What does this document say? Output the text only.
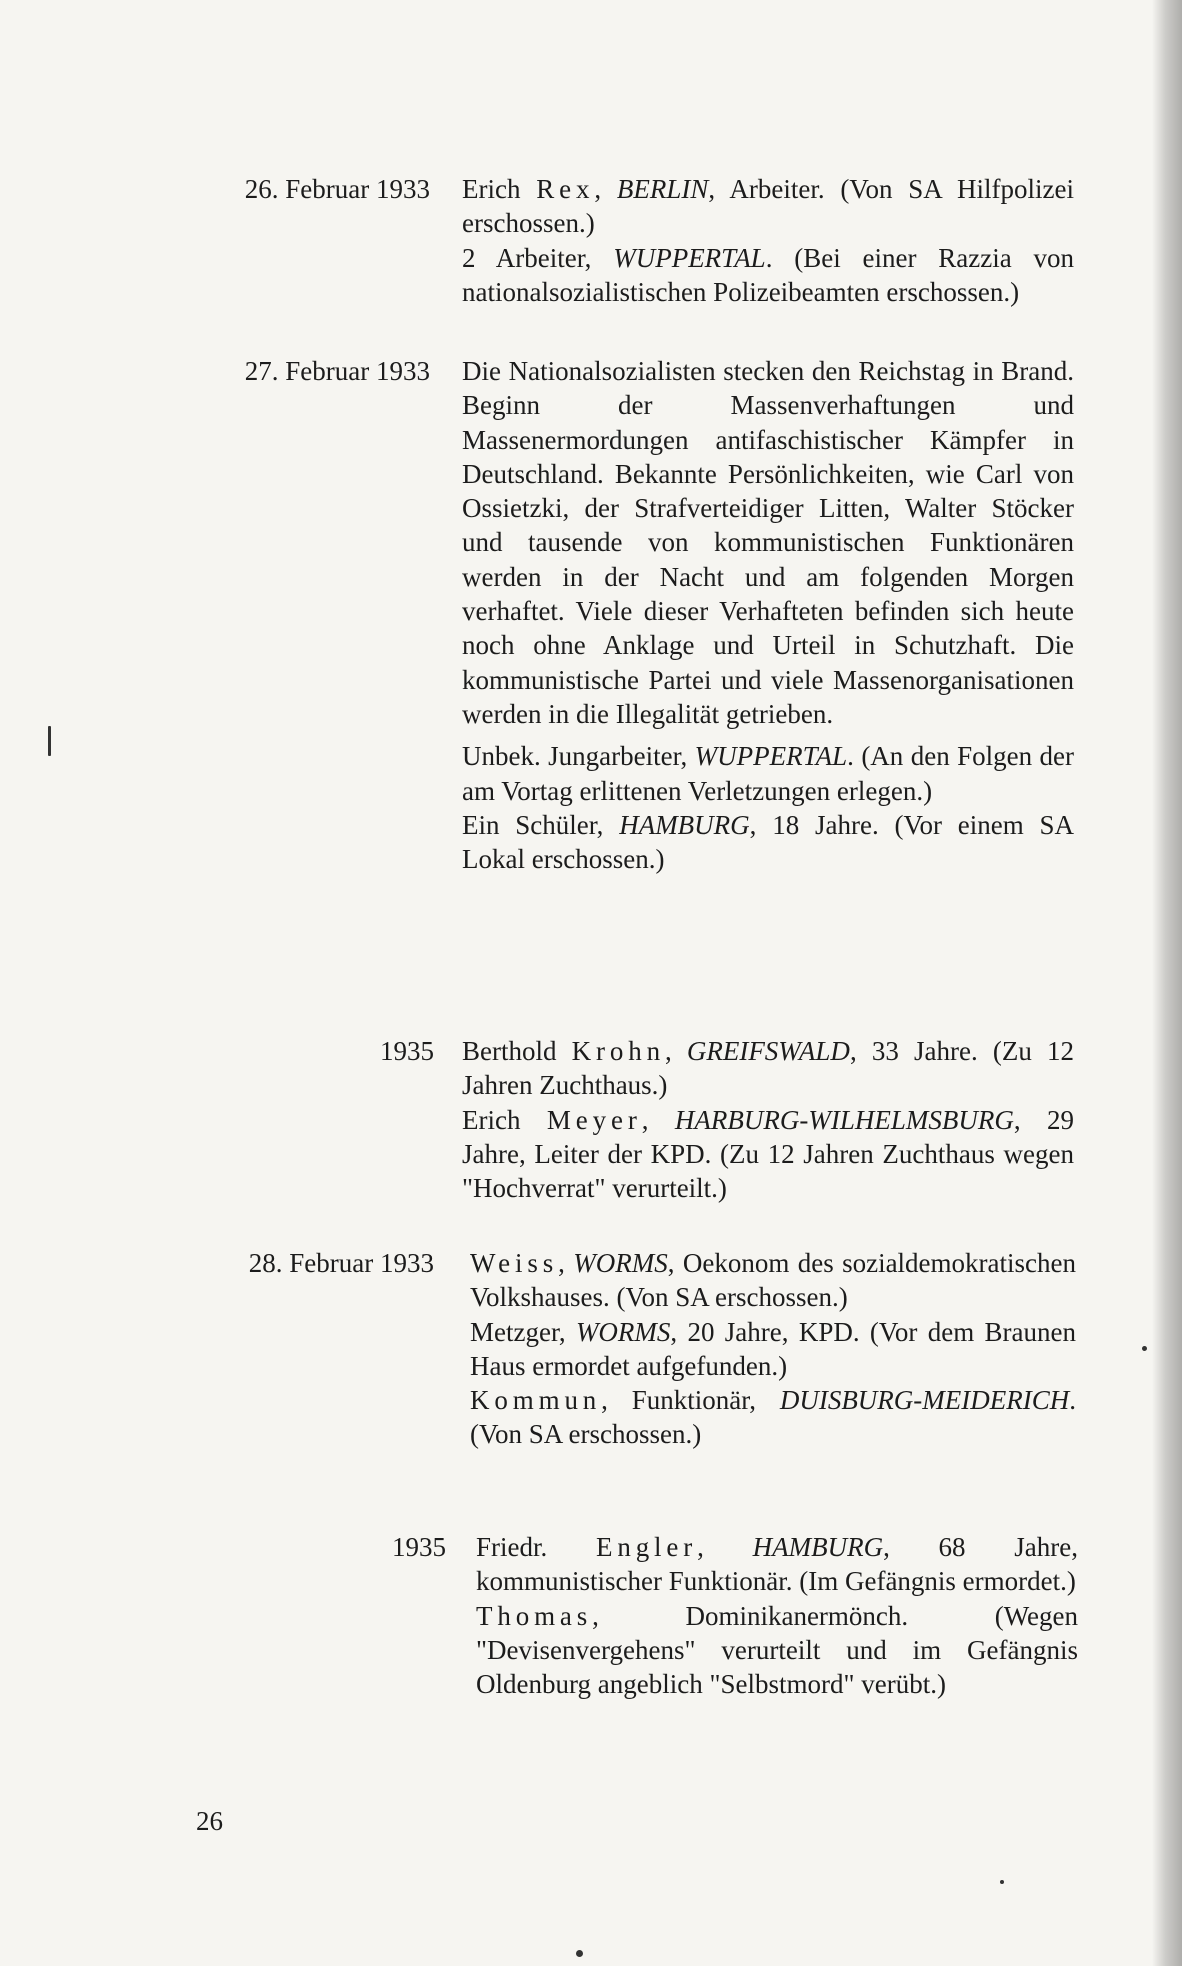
26. Februar 1933 Erich Rex, BERLIN, Arbeiter. (Von SA Hilfpolizei erschossen.)

2 Arbeiter, WUPPERTAL. (Bei einer Razzia von nationalsozialistischen Polizeibeamten erschossen.)

27. Februar 1933 Die Nationalsozialisten stecken den Reichstag in Brand. Beginn der Massenverhaftungen und Massenermordungen antifaschistischer Kämpfer in Deutschland. Bekannte Persönlichkeiten, wie Carl von Ossietzki, der Strafverteidiger Litten, Walter Stöcker und tausende von kommunistischen Funktionären werden in der Nacht und am folgenden Morgen verhaftet. Viele dieser Verhafteten befinden sich heute noch ohne Anklage und Urteil in Schutzhaft. Die kommunistische Partei und viele Massenorganisationen werden in die Illegalität getrieben.

Unbek. Jungarbeiter, WUPPERTAL. (An den Folgen der am Vortag erlittenen Verletzungen erlegen.)

Ein Schüler, HAMBURG, 18 Jahre. (Vor einem SA Lokal erschossen.)

1935 Berthold Krohn, GREIFSWALD, 33 Jahre. (Zu 12 Jahren Zuchthaus.)

Erich Meyer, HARBURG-WILHELMSBURG, 29 Jahre, Leiter der KPD. (Zu 12 Jahren Zuchthaus wegen "Hochverrat" verurteilt.)

28. Februar 1933 Weiss, WORMS, Oekonom des sozialdemokratischen Volkshauses. (Von SA erschossen.)

Metzger, WORMS, 20 Jahre, KPD. (Vor dem Braunen Haus ermordet aufgefunden.)

Kommun, Funktionär, DUISBURG-MEIDERICH. (Von SA erschossen.)

1935 Friedr. Engler, HAMBURG, 68 Jahre, kommunistischer Funktionär. (Im Gefängnis ermordet.)

Thomas, Dominikanermönch. (Wegen "Devisenvergehens" verurteilt und im Gefängnis Oldenburg angeblich "Selbstmord" verübt.)

26
